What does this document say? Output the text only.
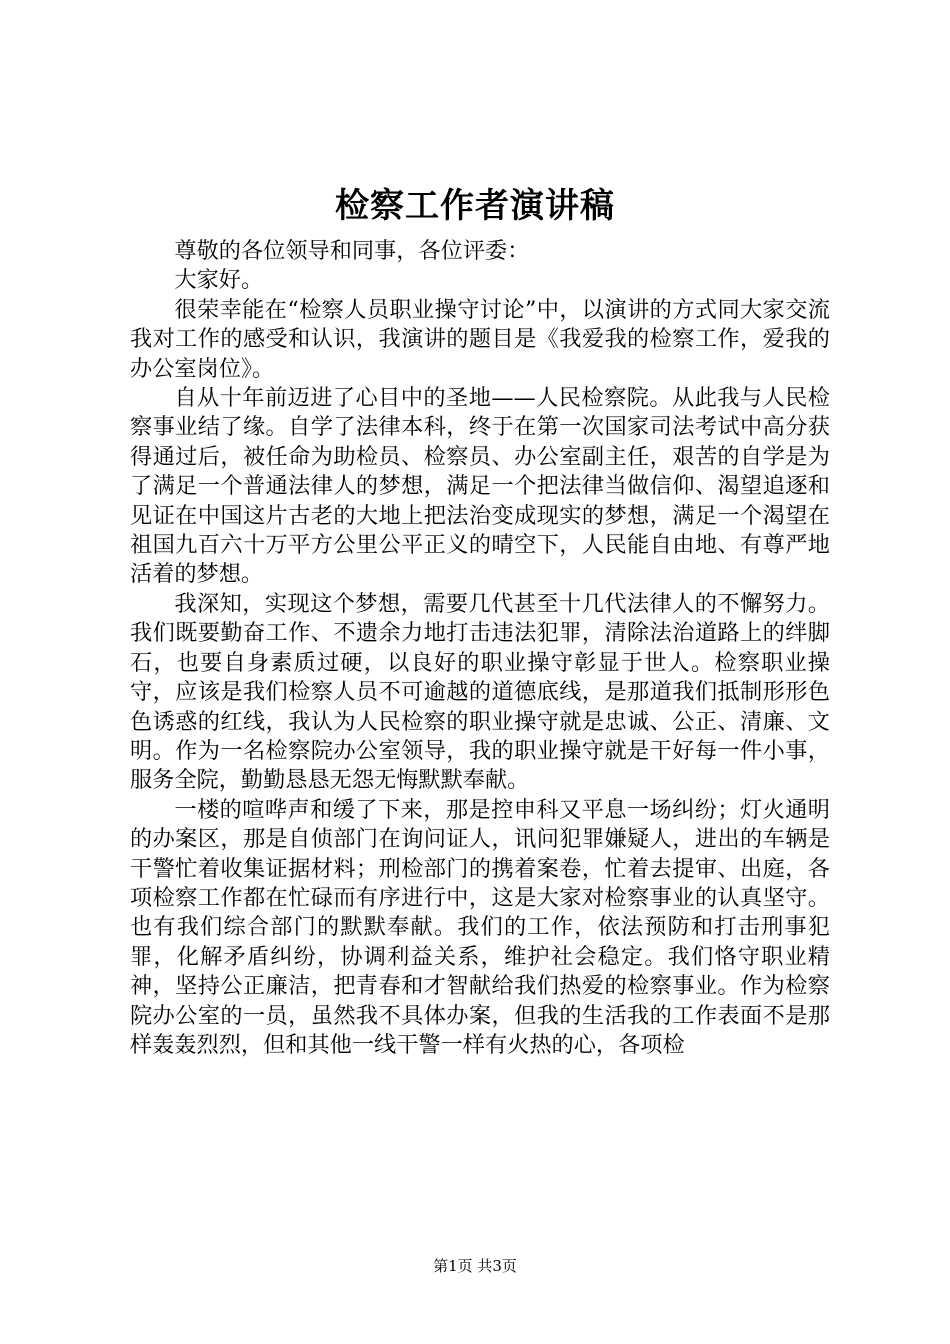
检察工作者演讲稿

尊敬的各位领导和同事，各位评委：

大家好。

很荣幸能在“检察人员职业操守讨论”中，以演讲的方式同大家交流我对工作的感受和认识，我演讲的题目是《我爱我的检察工作，爱我的办公室岗位》。

自从十年前迈进了心目中的圣地——人民检察院。从此我与人民检察事业结了缘。自学了法律本科，终于在第一次国家司法考试中高分获得通过后，被任命为助检员、检察员、办公室副主任，艰苦的自学是为了满足一个普通法律人的梦想，满足一个把法律当做信仰、渴望追逐和见证在中国这片古老的大地上把法治变成现实的梦想，满足一个渴望在祖国九百六十万平方公里公平正义的晴空下，人民能自由地、有尊严地活着的梦想。

我深知，实现这个梦想，需要几代甚至十几代法律人的不懈努力。我们既要勤奋工作、不遗余力地打击违法犯罪，清除法治道路上的绊脚石，也要自身素质过硬，以良好的职业操守彰显于世人。检察职业操守，应该是我们检察人员不可逾越的道德底线，是那道我们抵制形形色色诱惑的红线，我认为人民检察的职业操守就是忠诚、公正、清廉、文明。作为一名检察院办公室领导，我的职业操守就是干好每一件小事，服务全院，勤勤恳恳无怨无悔默默奉献。

一楼的喧哗声和缓了下来，那是控申科又平息一场纠纷；灯火通明的办案区，那是自侦部门在询问证人，讯问犯罪嫌疑人，进出的车辆是干警忙着收集证据材料；刑检部门的携着案卷，忙着去提审、出庭，各项检察工作都在忙碌而有序进行中，这是大家对检察事业的认真坚守。也有我们综合部门的默默奉献。我们的工作，依法预防和打击刑事犯罪，化解矛盾纠纷，协调利益关系，维护社会稳定。我们恪守职业精神，坚持公正廉洁，把青春和才智献给我们热爱的检察事业。作为检察院办公室的一员，虽然我不具体办案，但我的生活我的工作表面不是那样轰轰烈烈，但和其他一线干警一样有火热的心，各项检

第1页 共3页
